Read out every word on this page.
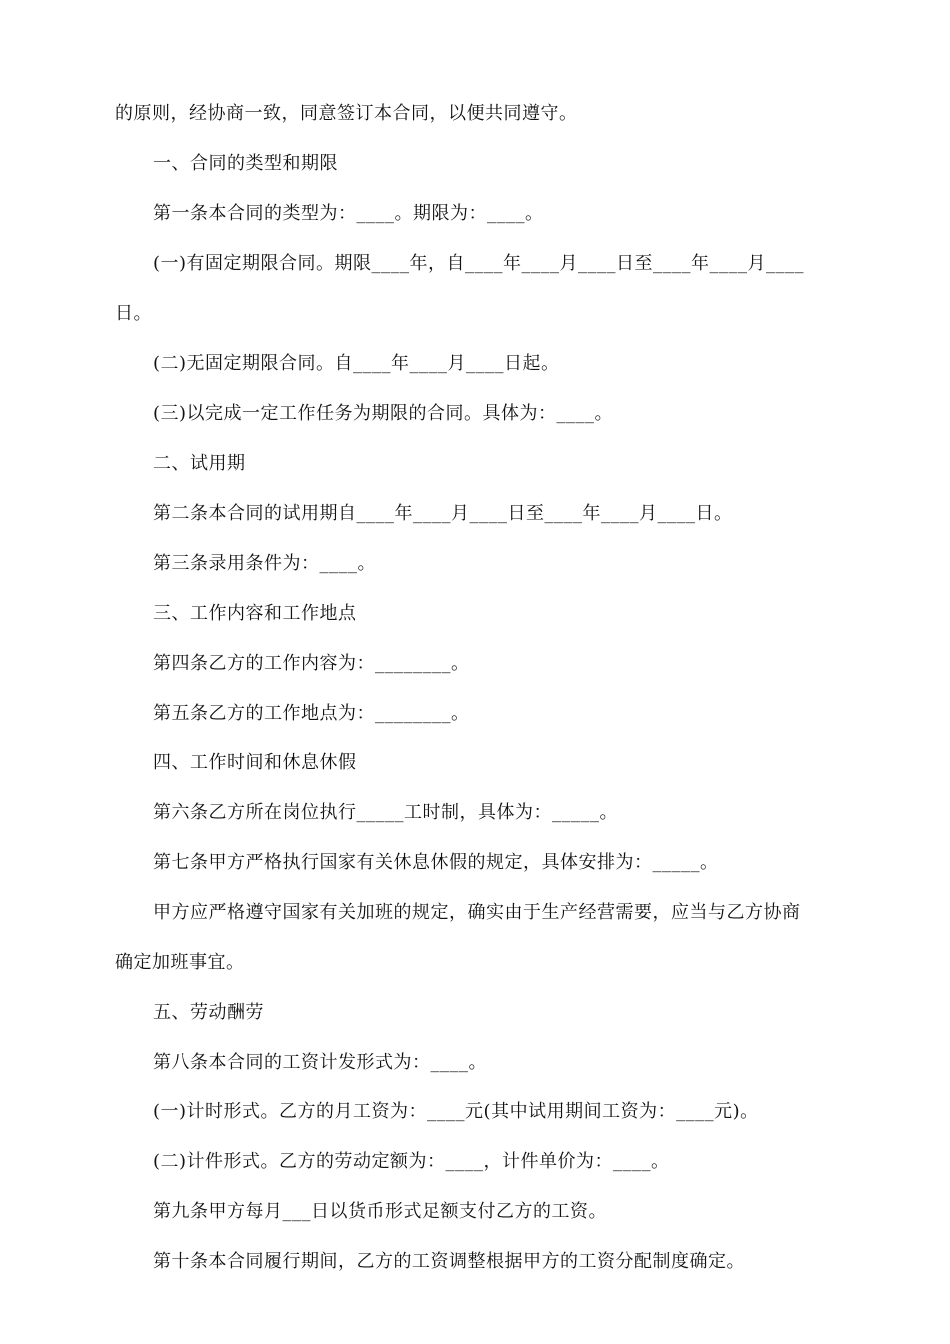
的原则，经协商一致，同意签订本合同，以便共同遵守。
一、合同的类型和期限
第一条本合同的类型为：____。期限为：____。
(一)有固定期限合同。期限____年，自____年____月____日至____年____月____
日。
(二)无固定期限合同。自____年____月____日起。
(三)以完成一定工作任务为期限的合同。具体为：____。
二、试用期
第二条本合同的试用期自____年____月____日至____年____月____日。
第三条录用条件为：____。
三、工作内容和工作地点
第四条乙方的工作内容为：________。
第五条乙方的工作地点为：________。
四、工作时间和休息休假
第六条乙方所在岗位执行_____工时制，具体为：_____。
第七条甲方严格执行国家有关休息休假的规定，具体安排为：_____。
甲方应严格遵守国家有关加班的规定，确实由于生产经营需要，应当与乙方协商
确定加班事宜。
五、劳动酬劳
第八条本合同的工资计发形式为：____。
(一)计时形式。乙方的月工资为：____元(其中试用期间工资为：____元)。
(二)计件形式。乙方的劳动定额为：____，计件单价为：____。
第九条甲方每月___日以货币形式足额支付乙方的工资。
第十条本合同履行期间，乙方的工资调整根据甲方的工资分配制度确定。
